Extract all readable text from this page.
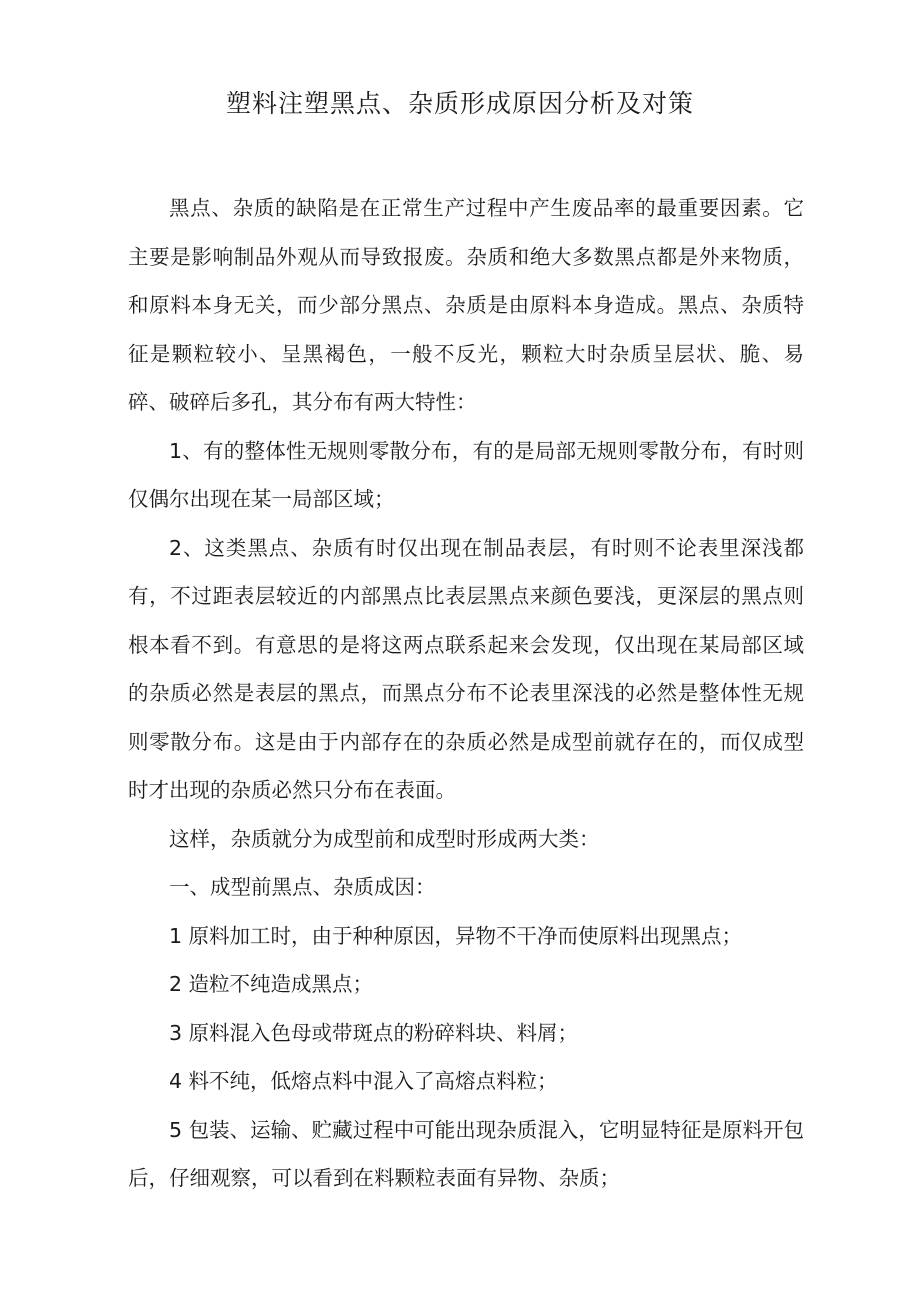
塑料注塑黑点、杂质形成原因分析及对策

黑点、杂质的缺陷是在正常生产过程中产生废品率的最重要因素。它主要是影响制品外观从而导致报废。杂质和绝大多数黑点都是外来物质，和原料本身无关，而少部分黑点、杂质是由原料本身造成。黑点、杂质特征是颗粒较小、呈黑褐色，一般不反光，颗粒大时杂质呈层状、脆、易碎、破碎后多孔，其分布有两大特性：

1、有的整体性无规则零散分布，有的是局部无规则零散分布，有时则仅偶尔出现在某一局部区域；

2、这类黑点、杂质有时仅出现在制品表层，有时则不论表里深浅都有，不过距表层较近的内部黑点比表层黑点来颜色要浅，更深层的黑点则根本看不到。有意思的是将这两点联系起来会发现，仅出现在某局部区域的杂质必然是表层的黑点，而黑点分布不论表里深浅的必然是整体性无规则零散分布。这是由于内部存在的杂质必然是成型前就存在的，而仅成型时才出现的杂质必然只分布在表面。

这样，杂质就分为成型前和成型时形成两大类：

一、成型前黑点、杂质成因：

1 原料加工时，由于种种原因，异物不干净而使原料出现黑点；

2 造粒不纯造成黑点；

3 原料混入色母或带斑点的粉碎料块、料屑；

4 料不纯，低熔点料中混入了高熔点料粒；

5 包装、运输、贮藏过程中可能出现杂质混入，它明显特征是原料开包后，仔细观察，可以看到在料颗粒表面有异物、杂质；
